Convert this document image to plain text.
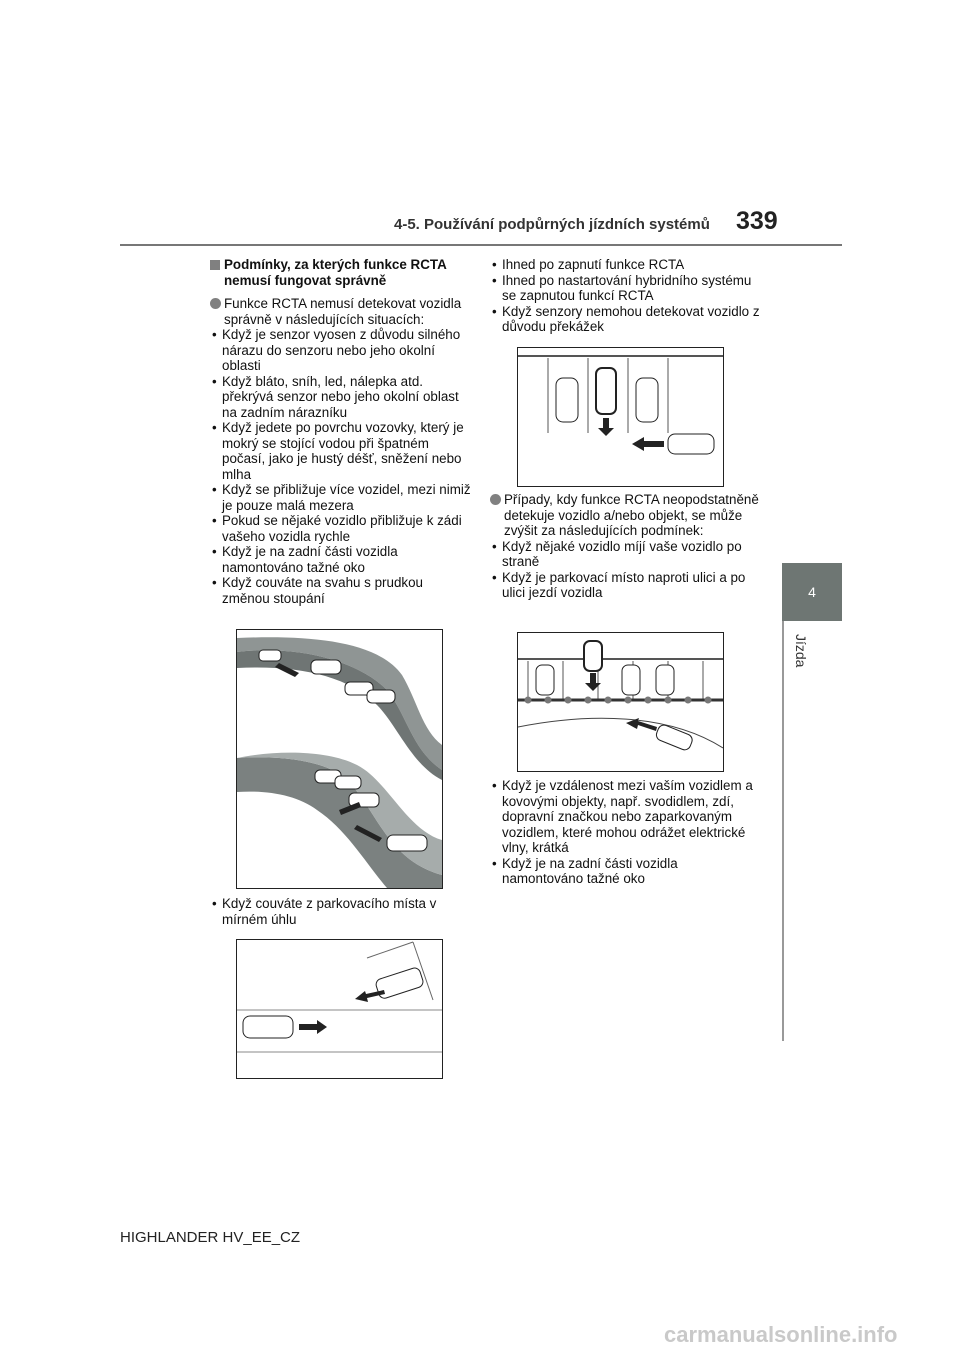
4-5. Používání podpůrných jízdních systémů 339
4
Jízda
Podmínky, za kterých funkce RCTA nemusí fungovat správně
Funkce RCTA nemusí detekovat vozidla správně v následujících situacích:
• Když je senzor vyosen z důvodu silného nárazu do senzoru nebo jeho okolní oblasti
• Když bláto, sníh, led, nálepka atd. překrývá senzor nebo jeho okolní oblast na zadním nárazníku
• Když jedete po povrchu vozovky, který je mokrý se stojící vodou při špatném počasí, jako je hustý déšť, sněžení nebo mlha
• Když se přibližuje více vozidel, mezi nimiž je pouze malá mezera
• Pokud se nějaké vozidlo přibližuje k zádi vašeho vozidla rychle
• Když je na zadní části vozidla namontováno tažné oko
• Když couváte na svahu s prudkou změnou stoupání
• Když couváte z parkovacího místa v mírném úhlu
• Ihned po zapnutí funkce RCTA
• Ihned po nastartování hybridního systému se zapnutou funkcí RCTA
• Když senzory nemohou detekovat vozidlo z důvodu překážek
Případy, kdy funkce RCTA neopodstatněně detekuje vozidlo a/nebo objekt, se může zvýšit za následujících podmínek:
• Když nějaké vozidlo míjí vaše vozidlo po straně
• Když je parkovací místo naproti ulici a po ulici jezdí vozidla
• Když je vzdálenost mezi vaším vozidlem a kovovými objekty, např. svodidlem, zdí, dopravní značkou nebo zaparkovaným vozidlem, které mohou odrážet elektrické vlny, krátká
• Když je na zadní části vozidla namontováno tažné oko
HIGHLANDER HV_EE_CZ
carmanualsonline.info
